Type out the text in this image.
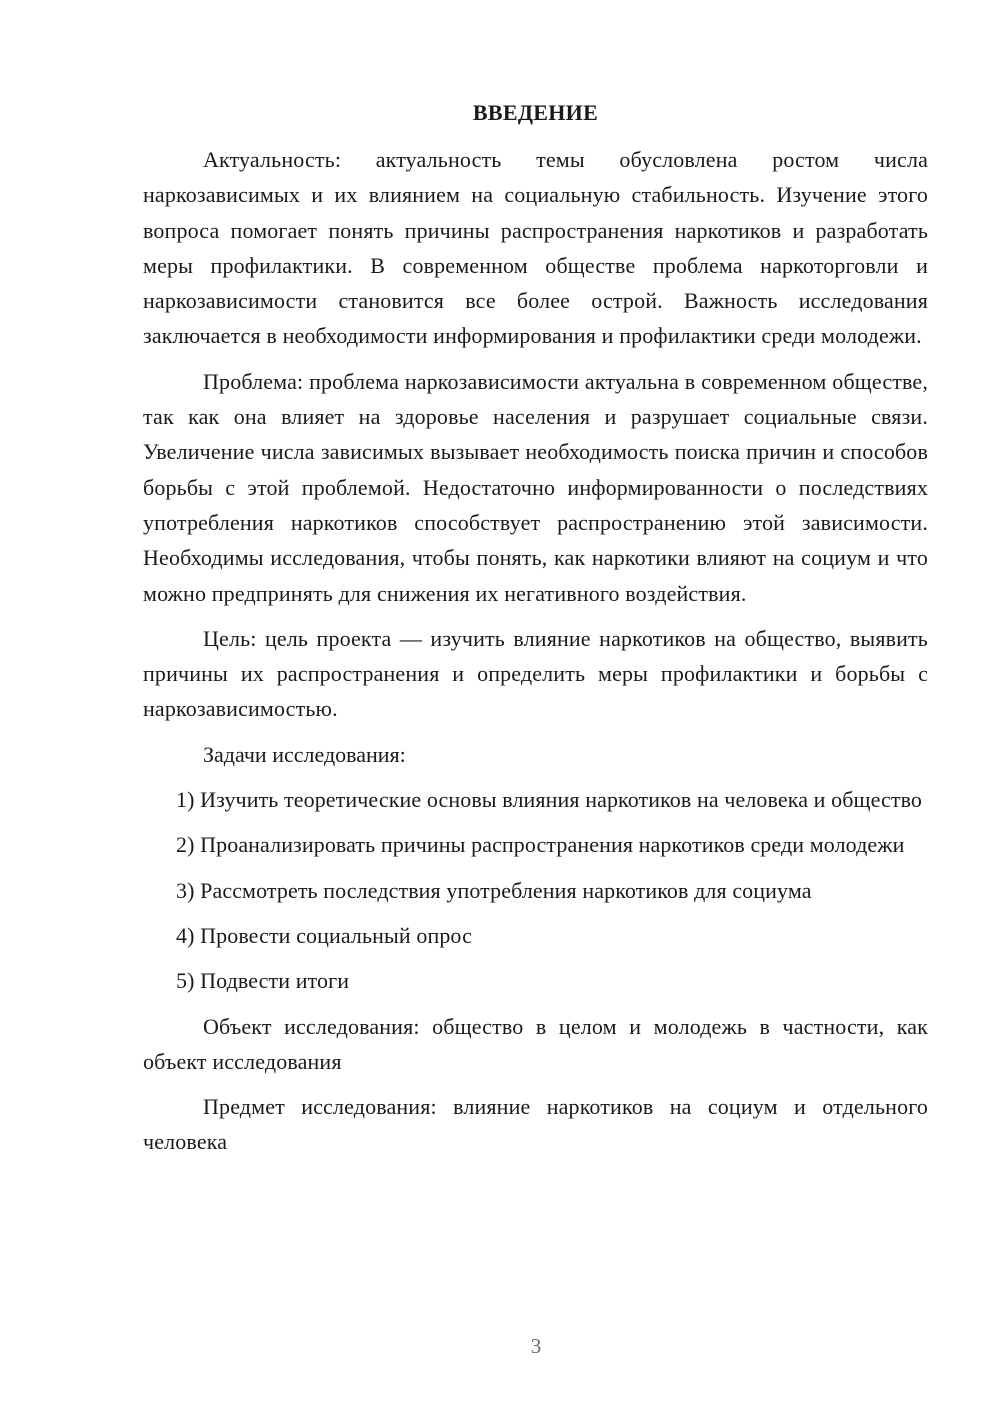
ВВЕДЕНИЕ

Актуальность: актуальность темы обусловлена ростом числа наркозависимых и их влиянием на социальную стабильность. Изучение этого вопроса помогает понять причины распространения наркотиков и разработать меры профилактики. В современном обществе проблема наркоторговли и наркозависимости становится все более острой. Важность исследования заключается в необходимости информирования и профилактики среди молодежи.

Проблема: проблема наркозависимости актуальна в современном обществе, так как она влияет на здоровье населения и разрушает социальные связи. Увеличение числа зависимых вызывает необходимость поиска причин и способов борьбы с этой проблемой. Недостаточно информированности о последствиях употребления наркотиков способствует распространению этой зависимости. Необходимы исследования, чтобы понять, как наркотики влияют на социум и что можно предпринять для снижения их негативного воздействия.

Цель: цель проекта — изучить влияние наркотиков на общество, выявить причины их распространения и определить меры профилактики и борьбы с наркозависимостью.

Задачи исследования:

1) Изучить теоретические основы влияния наркотиков на человека и общество

2) Проанализировать причины распространения наркотиков среди молодежи

3) Рассмотреть последствия употребления наркотиков для социума

4) Провести социальный опрос

5) Подвести итоги

Объект исследования: общество в целом и молодежь в частности, как объект исследования

Предмет исследования: влияние наркотиков на социум и отдельного человека

3
